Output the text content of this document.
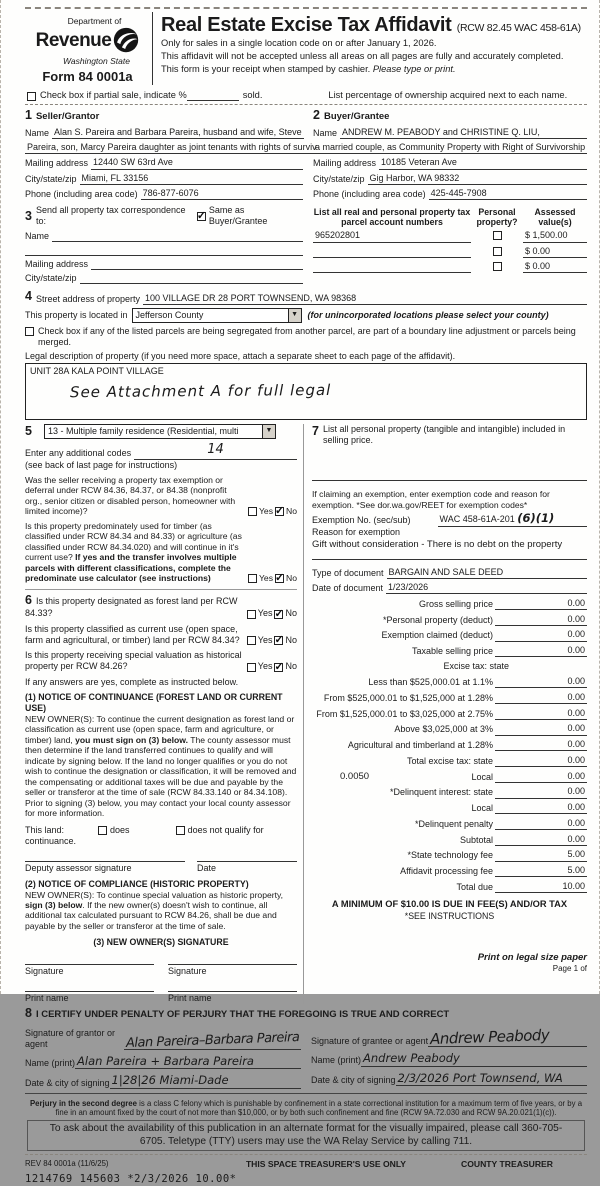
Department of
Revenue
Washington State
Form 84 0001a
Real Estate Excise Tax Affidavit (RCW 82.45 WAC 458-61A)
Only for sales in a single location code on or after January 1, 2026.
This affidavit will not be accepted unless all areas on all pages are fully and accurately completed.
This form is your receipt when stamped by cashier. Please type or print.
Check box if partial sale, indicate %	sold.	List percentage of ownership acquired next to each name.
1 Seller/Grantor
Name Alan S. Pareira and Barbara Pareira, husband and wife, Steve
Pareira, son, Marcy Pareira daughter as joint tenants with rights of surviv
Mailing address 12440 SW 63rd Ave
City/state/zip Miami, FL 33156
Phone (including area code) 786-877-6076
2 Buyer/Grantee
Name ANDREW M. PEABODY and CHRISTINE Q. LIU,
a married couple, as Community Property with Right of Survivorship
Mailing address 10185 Veteran Ave
City/state/zip Gig Harbor, WA 98332
Phone (including area code) 425-445-7908
3 Send all property tax correspondence to:
✓
Same as Buyer/Grantee
Name
Mailing address
City/state/zip
List all real and personal property tax
parcel account numbers
Personal
property?
Assessed
value(s)
965202801	$ 1,500.00
$ 0.00
$ 0.00
4 Street address of property 100 VILLAGE DR 28 PORT TOWNSEND, WA 98368
This property is located in Jefferson County	▼ (for unincorporated locations please select your county)
Check box if any of the listed parcels are being segregated from another parcel, are part of a boundary line adjustment or parcels being merged.
Legal description of property (if you need more space, attach a separate sheet to each page of the affidavit).
UNIT 28A KALA POINT VILLAGE
See Attachment A for full legal
5	13 - Multiple family residence (Residential, multi	▼
Enter any additional codes	14
(see back of last page for instructions)
Was the seller receiving a property tax exemption or deferral under RCW 84.36, 84.37, or 84.38 (nonprofit org., senior citizen or disabled person, homeowner with limited income)?	Yes ✓ No
Is this property predominately used for timber (as classified under RCW 84.34 and 84.33) or agriculture (as classified under RCW 84.34.020) and will continue in it's current use? If yes and the transfer involves multiple parcels with different classifications, complete the predominate use calculator (see instructions)	Yes ✓ No
6 Is this property designated as forest land per RCW 84.33?	Yes ✓ No
Is this property classified as current use (open space, farm and agricultural, or timber) land per RCW 84.34?	Yes ✓ No
Is this property receiving special valuation as historical property per RCW 84.26?	Yes ✓ No
If any answers are yes, complete as instructed below.
(1) NOTICE OF CONTINUANCE (FOREST LAND OR CURRENT USE)
NEW OWNER(S): To continue the current designation as forest land or classification as current use (open space, farm and agriculture, or timber) land, you must sign on (3) below. The county assessor must then determine if the land transferred continues to qualify and will indicate by signing below. If the land no longer qualifies or you do not wish to continue the designation or classification, it will be removed and the compensating or additional taxes will be due and payable by the seller or transferor at the time of sale (RCW 84.33.140 or 84.34.108). Prior to signing (3) below, you may contact your local county assessor for more information.
This land:	does	does not qualify for
continuance.
Deputy assessor signature	Date
(2) NOTICE OF COMPLIANCE (HISTORIC PROPERTY)
NEW OWNER(S): To continue special valuation as historic property, sign (3) below. If the new owner(s) doesn't wish to continue, all additional tax calculated pursuant to RCW 84.26, shall be due and payable by the seller or transferor at the time of sale.
(3) NEW OWNER(S) SIGNATURE
Signature	Signature
Print name	Print name
7 List all personal property (tangible and intangible) included in selling price.
If claiming an exemption, enter exemption code and reason for exemption. *See dor.wa.gov/REET for exemption codes*
Exemption No. (sec/sub)	WAC 458-61A-201 (6)(1)
Reason for exemption
Gift without consideration - There is no debt on the property
Type of document BARGAIN AND SALE DEED
Date of document 1/23/2026
Gross selling price	0.00
*Personal property (deduct)	0.00
Exemption claimed (deduct)	0.00
Taxable selling price	0.00
Excise tax: state
Less than $525,000.01 at 1.1%	0.00
From $525,000.01 to $1,525,000 at 1.28%	0.00
From $1,525,000.01 to $3,025,000 at 2.75%	0.00
Above $3,025,000 at 3%	0.00
Agricultural and timberland at 1.28%	0.00
Total excise tax: state	0.00
0.0050	Local	0.00
*Delinquent interest: state	0.00
Local	0.00
*Delinquent penalty	0.00
Subtotal	0.00
*State technology fee	5.00
Affidavit processing fee	5.00
Total due	10.00
A MINIMUM OF $10.00 IS DUE IN FEE(S) AND/OR TAX
*SEE INSTRUCTIONS
8 I CERTIFY UNDER PENALTY OF PERJURY THAT THE FOREGOING IS TRUE AND CORRECT
Signature of grantor or agent	Alan Pareira–Barbara Pareira
Name (print) Alan Pareira + Barbara Pareira
Date & city of signing 1|28|26 Miami-Dade
Signature of grantee or agent Andrew Peabody
Name (print) Andrew Peabody
Date & city of signing 2/3/2026 Port Townsend, WA
Perjury in the second degree is a class C felony which is punishable by confinement in a state correctional institution for a maximum term of five years, or by a fine in an amount fixed by the court of not more than $10,000, or by both such confinement and fine (RCW 9A.72.030 and RCW 9A.20.021(1)(c)).
To ask about the availability of this publication in an alternate format for the visually impaired, please call 360-705-6705. Teletype (TTY) users may use the WA Relay Service by calling 711.
REV 84 0001a (11/6/25)	THIS SPACE TREASURER'S USE ONLY	COUNTY TREASURER
1214769 145603 *2/3/2026 10.00*
Print on legal size paper
Page 1 of
